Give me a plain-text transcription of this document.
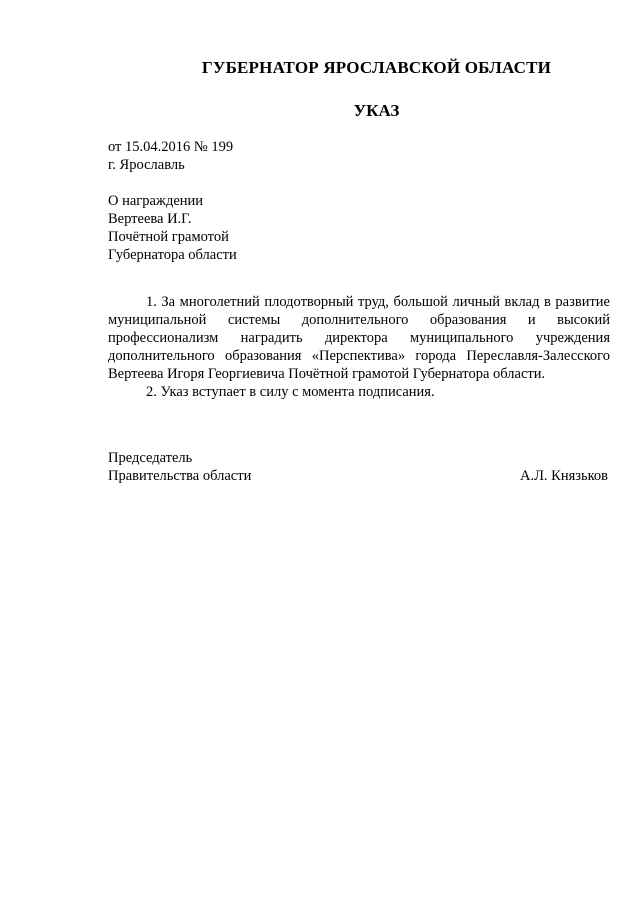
ГУБЕРНАТОР ЯРОСЛАВСКОЙ ОБЛАСТИ
УКАЗ
от 15.04.2016 № 199
г. Ярославль
О награждении
Вертеева И.Г.
Почётной грамотой
Губернатора области

1. За многолетний плодотворный труд, большой личный вклад в развитие муниципальной системы дополнительного образования и высокий профессионализм наградить директора муниципального учреждения дополнительного образования «Перспектива» города Переславля-Залесского Вертеева Игоря Георгиевича Почётной грамотой Губернатора области.

2. Указ вступает в силу с момента подписания.

Председатель
Правительства области	А.Л. Князьков
